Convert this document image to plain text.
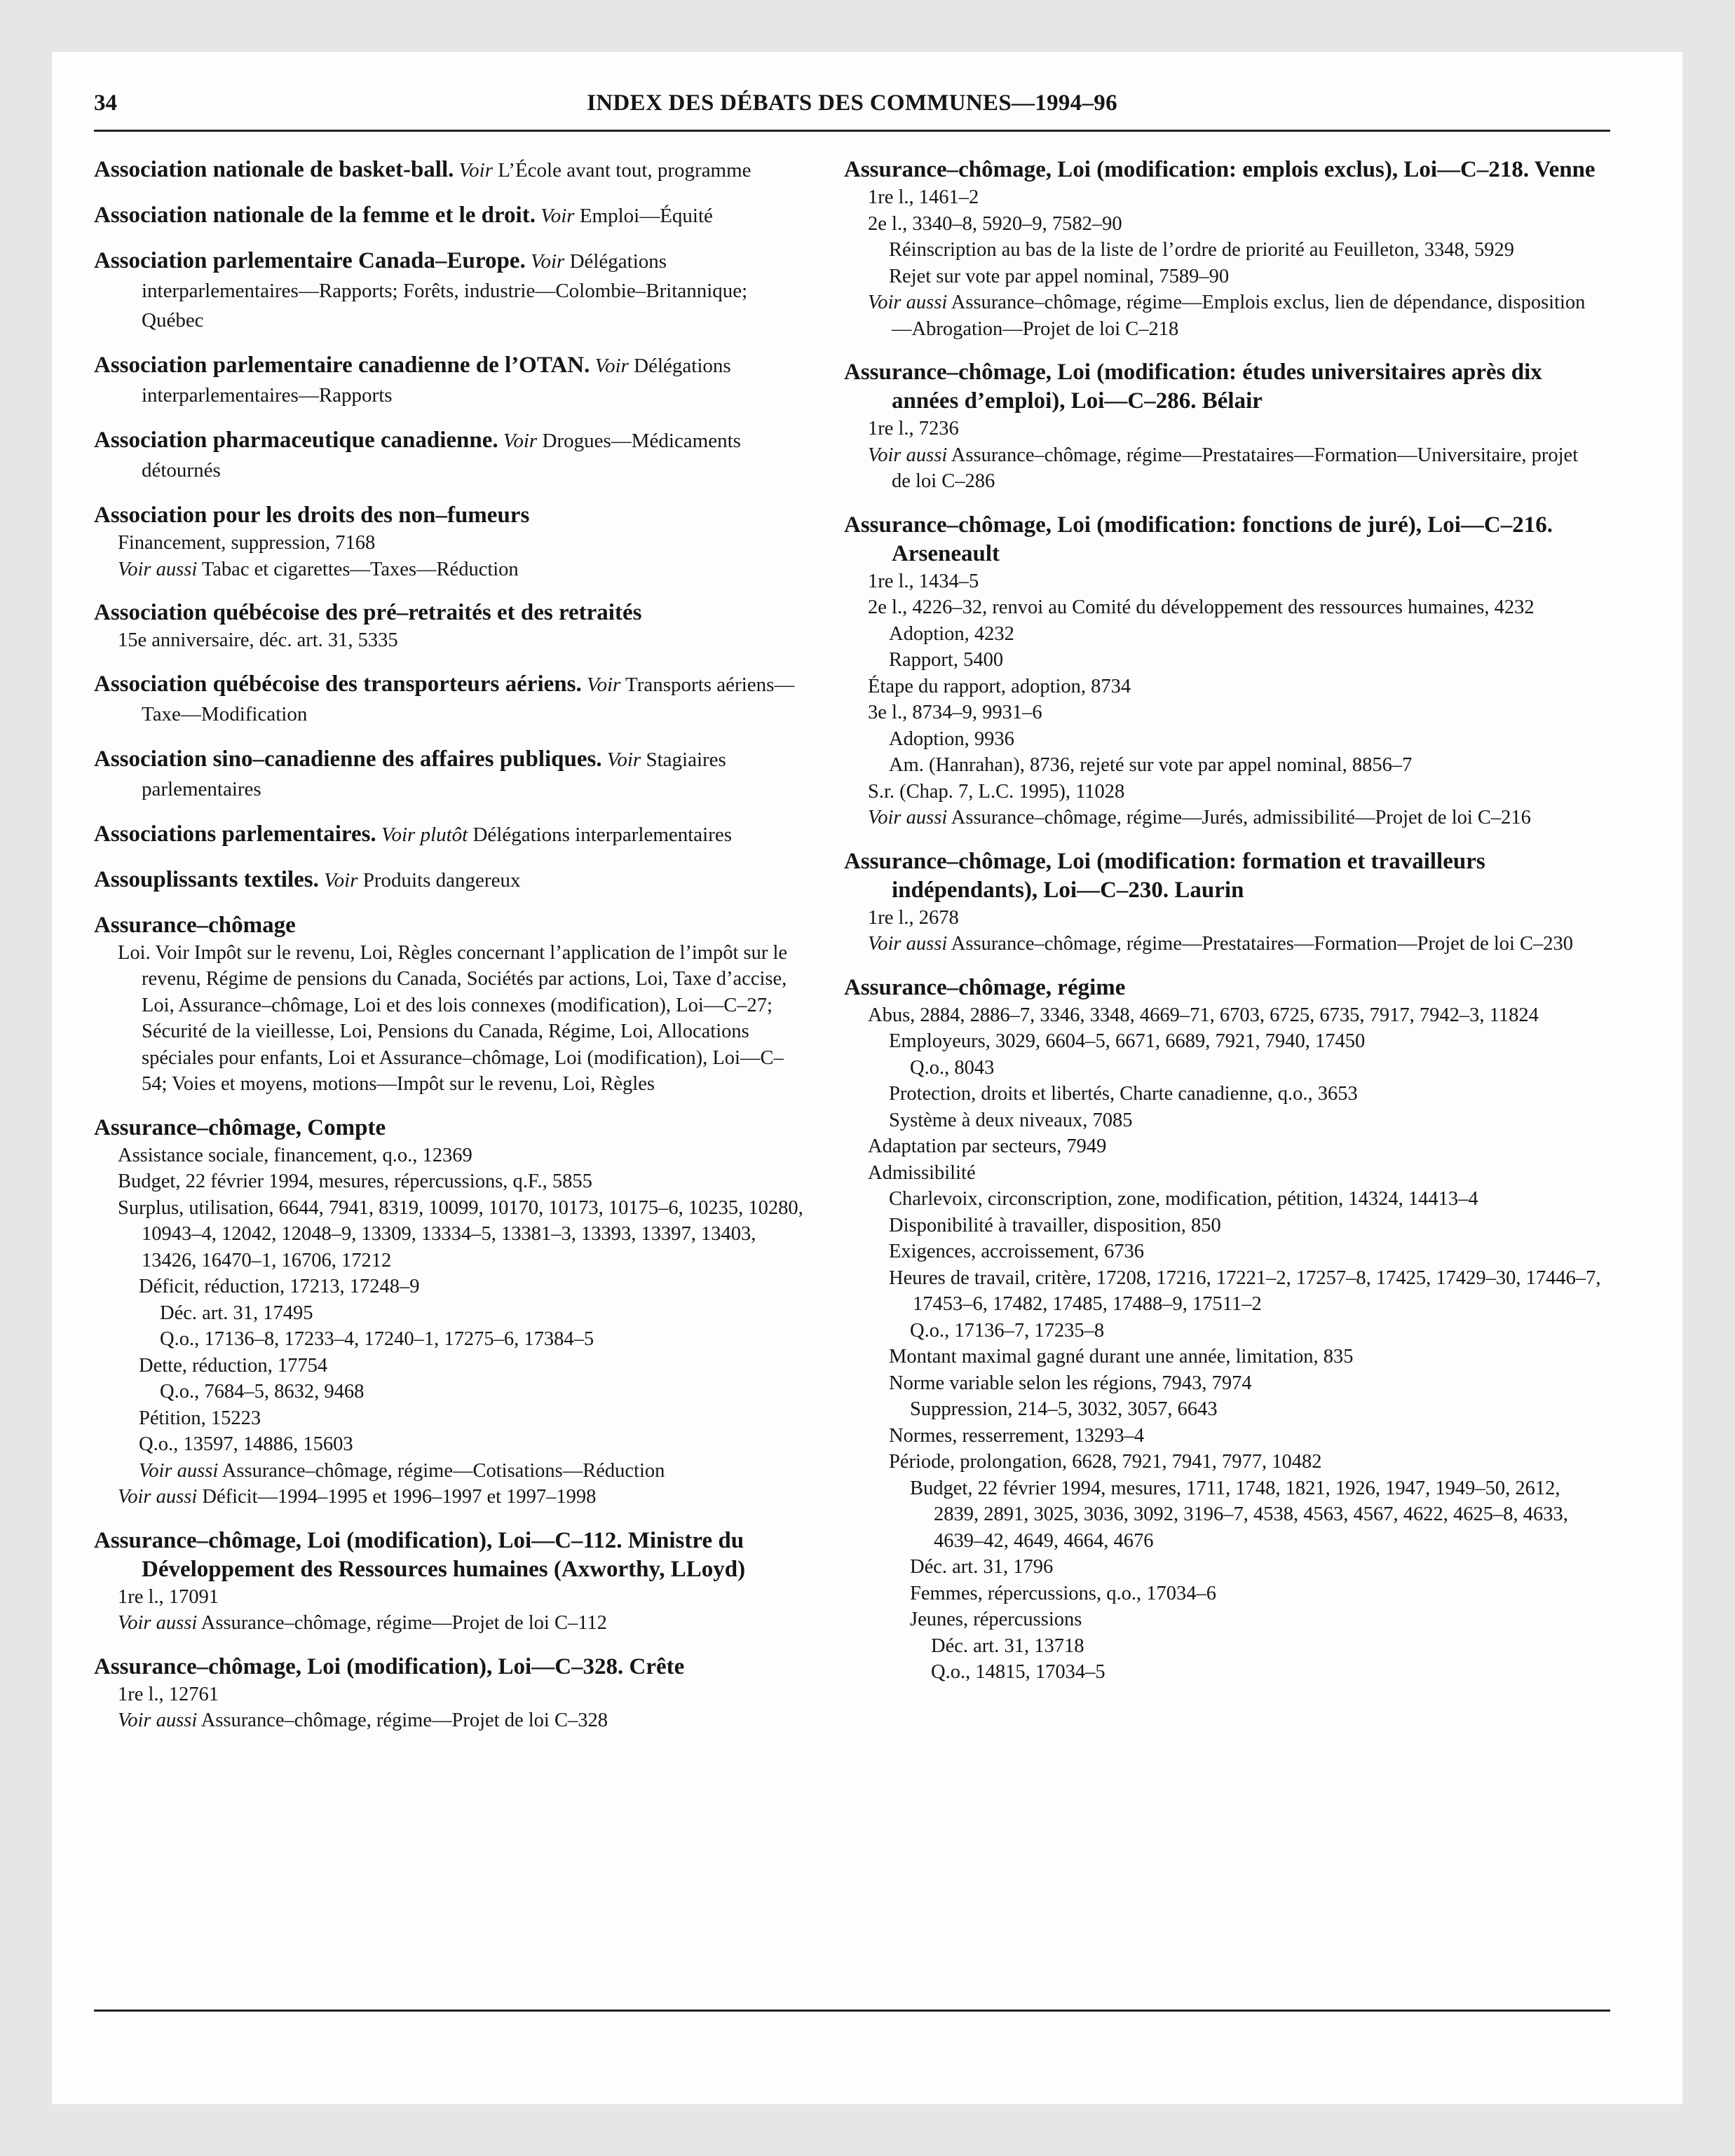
34	INDEX DES DÉBATS DES COMMUNES—1994–96
Association nationale de basket-ball. Voir L’École avant tout, programme
Association nationale de la femme et le droit. Voir Emploi—Équité
Association parlementaire Canada–Europe. Voir Délégations interparlementaires—Rapports; Forêts, industrie—Colombie–Britannique; Québec
Association parlementaire canadienne de l’OTAN. Voir Délégations interparlementaires—Rapports
Association pharmaceutique canadienne. Voir Drogues—Médicaments détournés
Association pour les droits des non–fumeurs
Financement, suppression, 7168
Voir aussi Tabac et cigarettes—Taxes—Réduction
Association québécoise des pré–retraités et des retraités
15e anniversaire, déc. art. 31, 5335
Association québécoise des transporteurs aériens. Voir Transports aériens—Taxe—Modification
Association sino–canadienne des affaires publiques. Voir Stagiaires parlementaires
Associations parlementaires. Voir plutôt Délégations interparlementaires
Assouplissants textiles. Voir Produits dangereux
Assurance–chômage
Loi. Voir Impôt sur le revenu, Loi, Règles concernant l’application de l’impôt sur le revenu, Régime de pensions du Canada, Sociétés par actions, Loi, Taxe d’accise, Loi, Assurance–chômage, Loi et des lois connexes (modification), Loi—C–27; Sécurité de la vieillesse, Loi, Pensions du Canada, Régime, Loi, Allocations spéciales pour enfants, Loi et Assurance–chômage, Loi (modification), Loi—C–54; Voies et moyens, motions—Impôt sur le revenu, Loi, Règles
Assurance–chômage, Compte
Assistance sociale, financement, q.o., 12369
Budget, 22 février 1994, mesures, répercussions, q.F., 5855
Surplus, utilisation, 6644, 7941, 8319, 10099, 10170, 10173, 10175–6, 10235, 10280, 10943–4, 12042, 12048–9, 13309, 13334–5, 13381–3, 13393, 13397, 13403, 13426, 16470–1, 16706, 17212
Déficit, réduction, 17213, 17248–9
Déc. art. 31, 17495
Q.o., 17136–8, 17233–4, 17240–1, 17275–6, 17384–5
Dette, réduction, 17754
Q.o., 7684–5, 8632, 9468
Pétition, 15223
Q.o., 13597, 14886, 15603
Voir aussi Assurance–chômage, régime—Cotisations—Réduction
Voir aussi Déficit—1994–1995 et 1996–1997 et 1997–1998
Assurance–chômage, Loi (modification), Loi—C–112. Ministre du Développement des Ressources humaines (Axworthy, LLoyd)
1re l., 17091
Voir aussi Assurance–chômage, régime—Projet de loi C–112
Assurance–chômage, Loi (modification), Loi—C–328. Crête
1re l., 12761
Voir aussi Assurance–chômage, régime—Projet de loi C–328
Assurance–chômage, Loi (modification: emplois exclus), Loi—C–218. Venne
1re l., 1461–2
2e l., 3340–8, 5920–9, 7582–90
Réinscription au bas de la liste de l’ordre de priorité au Feuilleton, 3348, 5929
Rejet sur vote par appel nominal, 7589–90
Voir aussi Assurance–chômage, régime—Emplois exclus, lien de dépendance, disposition—Abrogation—Projet de loi C–218
Assurance–chômage, Loi (modification: études universitaires après dix années d’emploi), Loi—C–286. Bélair
1re l., 7236
Voir aussi Assurance–chômage, régime—Prestataires—Formation—Universitaire, projet de loi C–286
Assurance–chômage, Loi (modification: fonctions de juré), Loi—C–216. Arseneault
1re l., 1434–5
2e l., 4226–32, renvoi au Comité du développement des ressources humaines, 4232
Adoption, 4232
Rapport, 5400
Étape du rapport, adoption, 8734
3e l., 8734–9, 9931–6
Adoption, 9936
Am. (Hanrahan), 8736, rejeté sur vote par appel nominal, 8856–7
S.r. (Chap. 7, L.C. 1995), 11028
Voir aussi Assurance–chômage, régime—Jurés, admissibilité—Projet de loi C–216
Assurance–chômage, Loi (modification: formation et travailleurs indépendants), Loi—C–230. Laurin
1re l., 2678
Voir aussi Assurance–chômage, régime—Prestataires—Formation—Projet de loi C–230
Assurance–chômage, régime
Abus, 2884, 2886–7, 3346, 3348, 4669–71, 6703, 6725, 6735, 7917, 7942–3, 11824
Employeurs, 3029, 6604–5, 6671, 6689, 7921, 7940, 17450
Q.o., 8043
Protection, droits et libertés, Charte canadienne, q.o., 3653
Système à deux niveaux, 7085
Adaptation par secteurs, 7949
Admissibilité
Charlevoix, circonscription, zone, modification, pétition, 14324, 14413–4
Disponibilité à travailler, disposition, 850
Exigences, accroissement, 6736
Heures de travail, critère, 17208, 17216, 17221–2, 17257–8, 17425, 17429–30, 17446–7, 17453–6, 17482, 17485, 17488–9, 17511–2
Q.o., 17136–7, 17235–8
Montant maximal gagné durant une année, limitation, 835
Norme variable selon les régions, 7943, 7974
Suppression, 214–5, 3032, 3057, 6643
Normes, resserrement, 13293–4
Période, prolongation, 6628, 7921, 7941, 7977, 10482
Budget, 22 février 1994, mesures, 1711, 1748, 1821, 1926, 1947, 1949–50, 2612, 2839, 2891, 3025, 3036, 3092, 3196–7, 4538, 4563, 4567, 4622, 4625–8, 4633, 4639–42, 4649, 4664, 4676
Déc. art. 31, 1796
Femmes, répercussions, q.o., 17034–6
Jeunes, répercussions
Déc. art. 31, 13718
Q.o., 14815, 17034–5
